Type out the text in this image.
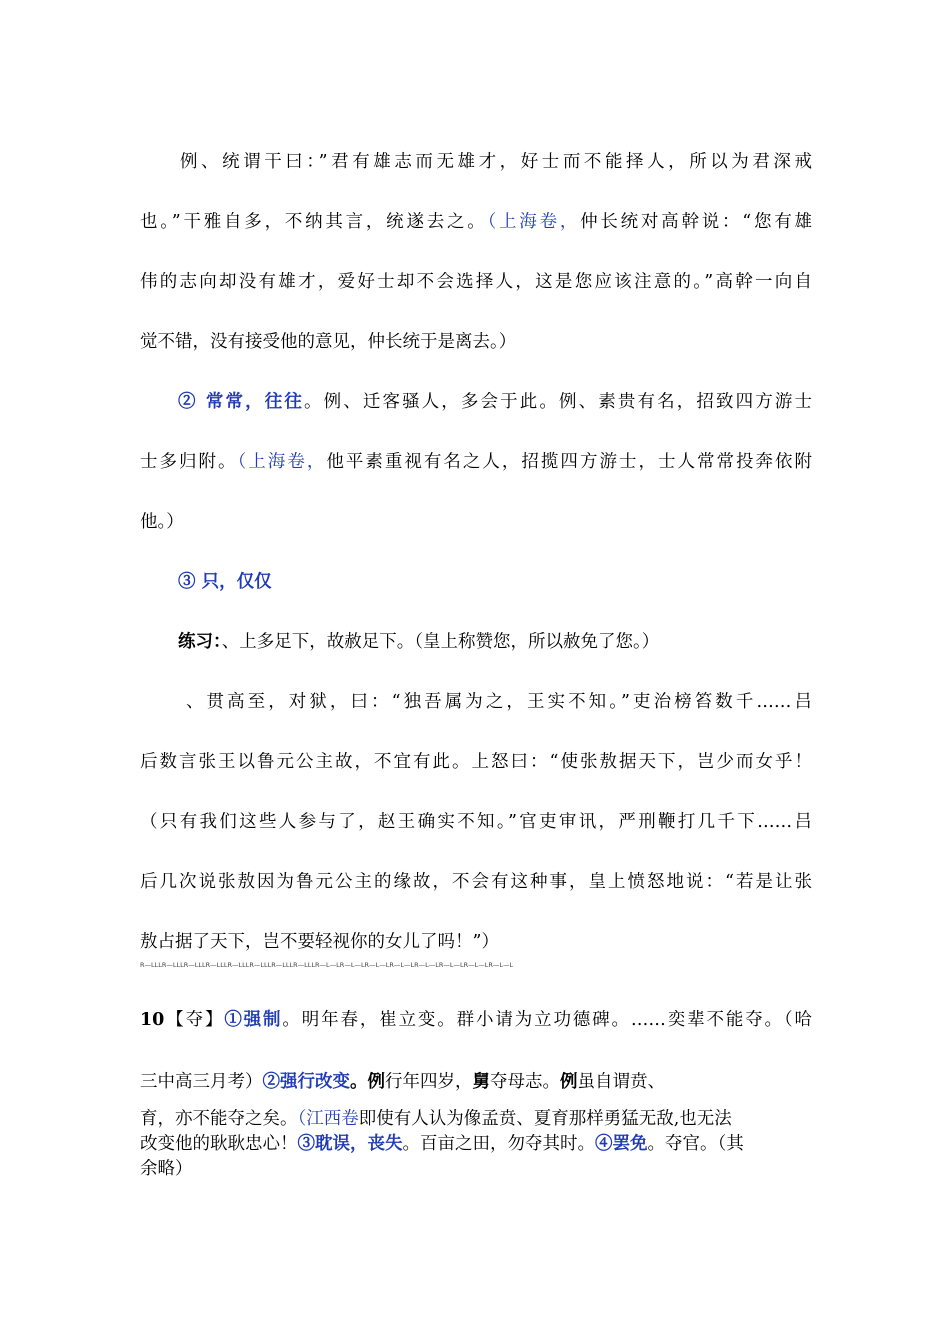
例、统谓干曰：”君有雄志而无雄才，好士而不能择人，所以为君深戒
也。”干雅自多，不纳其言，统遂去之。（上海卷，仲长统对高幹说：“您有雄
伟的志向却没有雄才，爱好士却不会选择人，这是您应该注意的。”高幹一向自
觉不错，没有接受他的意见，仲长统于是离去。）
② 常常，往往。例、迁客骚人，多会于此。例、素贵有名，招致四方游士
士多归附。（上海卷，他平素重视有名之人，招揽四方游士，士人常常投奔依附
他。）
③ 只，仅仅
练习：、上多足下，故赦足下。（皇上称赞您，所以赦免了您。）
、贯高至，对狱，曰：“独吾属为之，王实不知。”吏治榜笞数千……吕
后数言张王以鲁元公主故，不宜有此。上怒曰：“使张敖据天下，岂少而女乎！
（只有我们这些人参与了，赵王确实不知。”官吏审讯，严刑鞭打几千下……吕
后几次说张敖因为鲁元公主的缘故，不会有这种事，皇上愤怒地说：“若是让张
敖占据了天下，岂不要轻视你的女儿了吗！”）
R—LLLR—LLLR—LLLR—LLLR—LLLR—LLLR—LLLR—LLLR—L—LR—L—LR—L—LR—L—LR—L—LR—L—LR—L—LR—L—L
10【夺】①强制。明年春，崔立变。群小请为立功德碑。……奕辈不能夺。（哈
三中高三月考）②强行改变。例行年四岁，舅夺母志。例虽自谓贲、
育，亦不能夺之矣。（江西卷即使有人认为像孟贲、夏育那样勇猛无敌,也无法
改变他的耿耿忠心！③耽误，丧失。百亩之田，勿夺其时。④罢免。夺官。（其
余略）
